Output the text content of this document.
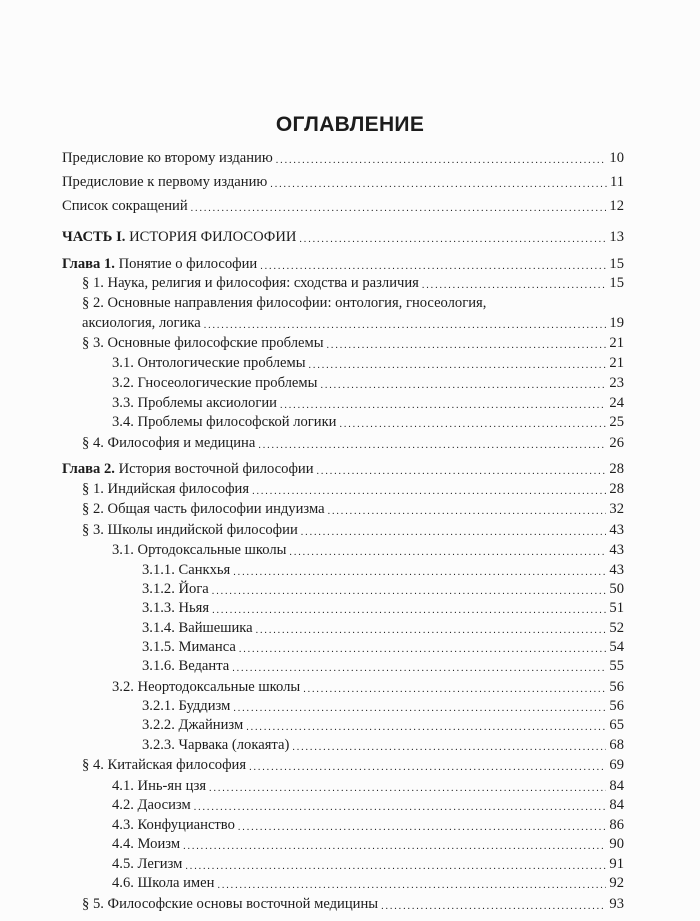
ОГЛАВЛЕНИЕ
Предисловие ко второму изданию . . .	10
Предисловие к первому изданию . . .	11
Список сокращений . . .	12
ЧАСТЬ I. ИСТОРИЯ ФИЛОСОФИИ . . .	13
Глава 1. Понятие о философии . . .	15
§ 1. Наука, религия и философия: сходства и различия . . .	15
§ 2. Основные направления философии: онтология, гносеология,
аксиология, логика . . .	19
§ 3. Основные философские проблемы . . .	21
3.1. Онтологические проблемы . . .	21
3.2. Гносеологические проблемы . . .	23
3.3. Проблемы аксиологии . . .	24
3.4. Проблемы философской логики . . .	25
§ 4. Философия и медицина . . .	26
Глава 2. История восточной философии . . .	28
§ 1. Индийская философия . . .	28
§ 2. Общая часть философии индуизма . . .	32
§ 3. Школы индийской философии . . .	43
3.1. Ортодоксальные школы . . .	43
3.1.1. Санкхья . . .	43
3.1.2. Йога . . .	50
3.1.3. Ньяя . . .	51
3.1.4. Вайшешика . . .	52
3.1.5. Миманса . . .	54
3.1.6. Веданта . . .	55
3.2. Неортодоксальные школы . . .	56
3.2.1. Буддизм . . .	56
3.2.2. Джайнизм . . .	65
3.2.3. Чарвака (локаята) . . .	68
§ 4. Китайская философия . . .	69
4.1. Инь-ян цзя . . .	84
4.2. Даосизм . . .	84
4.3. Конфуцианство . . .	86
4.4. Моизм . . .	90
4.5. Легизм . . .	91
4.6. Школа имен . . .	92
§ 5. Философские основы восточной медицины . . .	93
